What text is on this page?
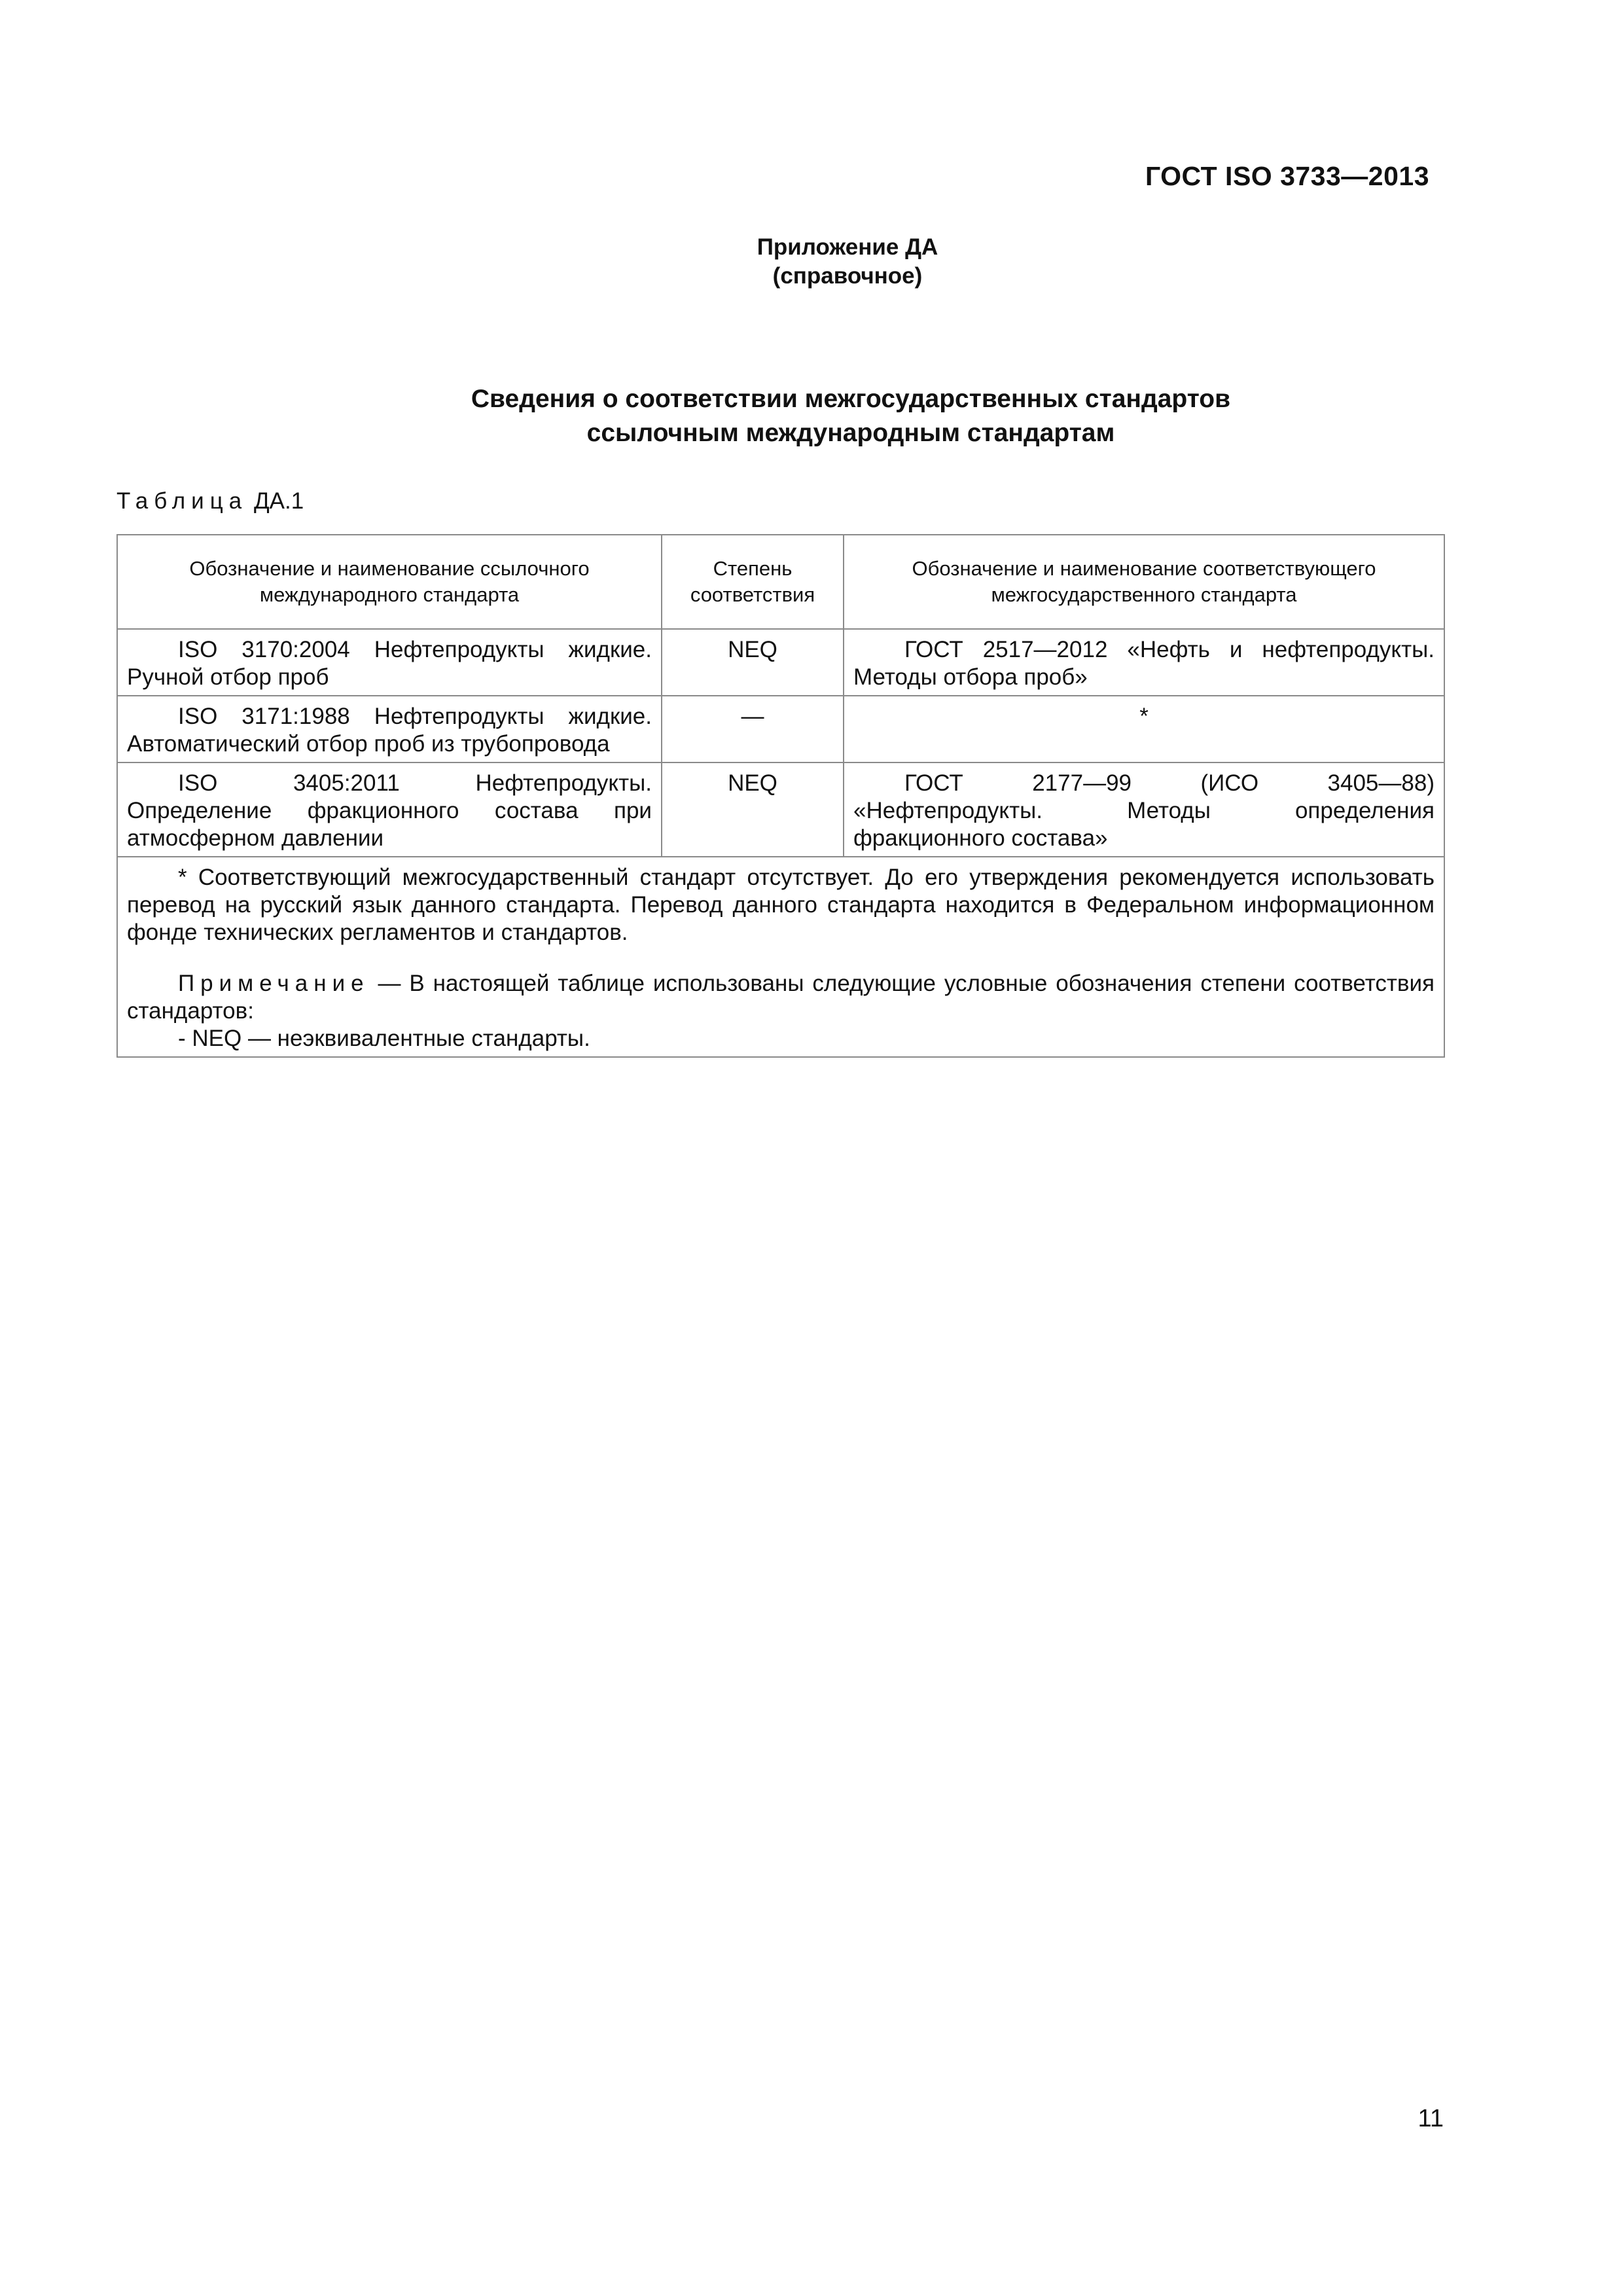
ГОСТ ISO 3733—2013
Приложение ДА
(справочное)
Сведения о соответствии межгосударственных стандартов
ссылочным международным стандартам
Таблица ДА.1
Обозначение и наименование ссылочного международного стандарта	Степень соответствия	Обозначение и наименование соответствующего межгосударственного стандарта
ISO 3170:2004 Нефтепродукты жидкие. Ручной отбор проб	NEQ	ГОСТ 2517—2012 «Нефть и нефтепродукты. Методы отбора проб»
ISO 3171:1988 Нефтепродукты жидкие. Автоматический отбор проб из трубопровода	—	*
ISO 3405:2011 Нефтепродукты. Определение фракционного состава при атмосферном давлении	NEQ	ГОСТ 2177—99 (ИСО 3405—88) «Нефтепродукты. Методы определения фракционного состава»

* Соответствующий межгосударственный стандарт отсутствует. До его утверждения рекомендуется использовать перевод на русский язык данного стандарта. Перевод данного стандарта находится в Федеральном информационном фонде технических регламентов и стандартов.

Примечание — В настоящей таблице использованы следующие условные обозначения степени соответствия стандартов:

- NEQ — неэквивалентные стандарты.		

11
